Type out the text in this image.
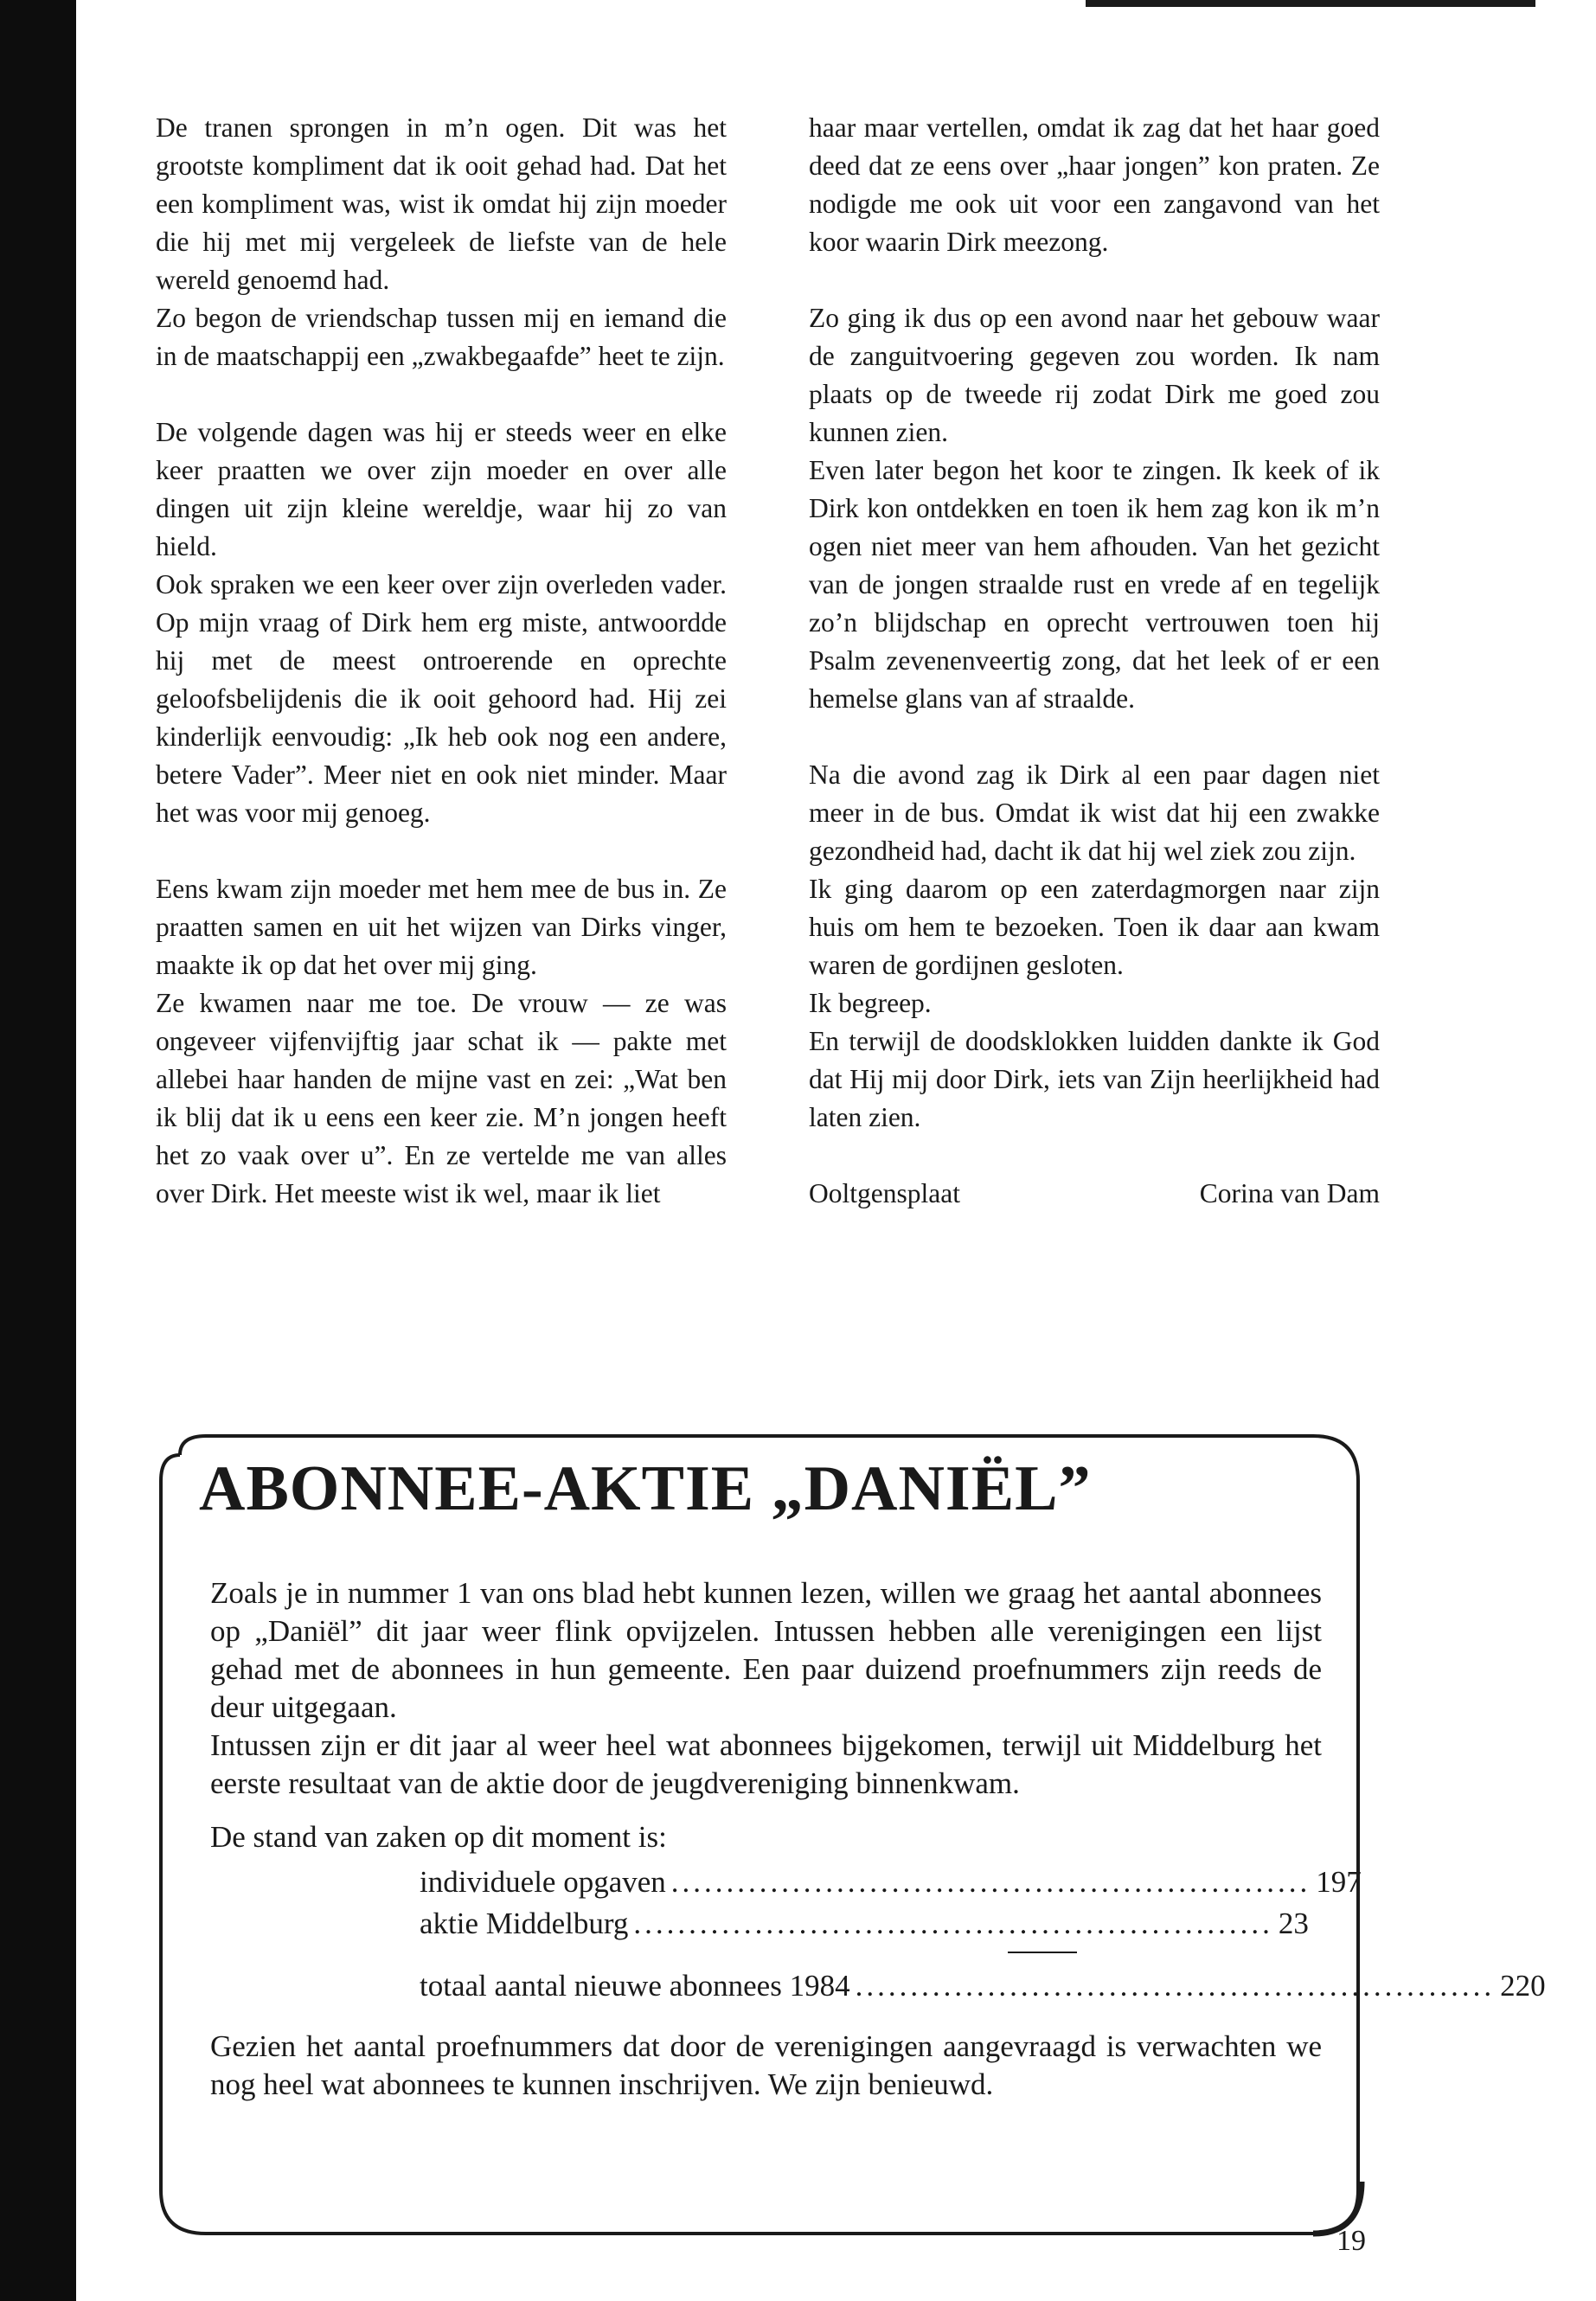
De tranen sprongen in m’n ogen. Dit was het grootste kompliment dat ik ooit gehad had. Dat het een kompliment was, wist ik omdat hij zijn moeder die hij met mij vergeleek de liefste van de hele wereld genoemd had.

Zo begon de vriendschap tussen mij en iemand die in de maatschappij een „zwakbegaafde” heet te zijn.

De volgende dagen was hij er steeds weer en elke keer praatten we over zijn moeder en over alle dingen uit zijn kleine wereldje, waar hij zo van hield.

Ook spraken we een keer over zijn overleden vader. Op mijn vraag of Dirk hem erg miste, antwoordde hij met de meest ontroerende en oprechte geloofsbelijdenis die ik ooit gehoord had. Hij zei kinderlijk eenvoudig: „Ik heb ook nog een andere, betere Vader”. Meer niet en ook niet minder. Maar het was voor mij genoeg.

Eens kwam zijn moeder met hem mee de bus in. Ze praatten samen en uit het wijzen van Dirks vinger, maakte ik op dat het over mij ging.

Ze kwamen naar me toe. De vrouw — ze was ongeveer vijfenvijftig jaar schat ik — pakte met allebei haar handen de mijne vast en zei: „Wat ben ik blij dat ik u eens een keer zie. M’n jongen heeft het zo vaak over u”. En ze vertelde me van alles over Dirk. Het meeste wist ik wel, maar ik liet

haar maar vertellen, omdat ik zag dat het haar goed deed dat ze eens over „haar jongen” kon praten. Ze nodigde me ook uit voor een zangavond van het koor waarin Dirk meezong.

Zo ging ik dus op een avond naar het gebouw waar de zanguitvoering gegeven zou worden. Ik nam plaats op de tweede rij zodat Dirk me goed zou kunnen zien.

Even later begon het koor te zingen. Ik keek of ik Dirk kon ontdekken en toen ik hem zag kon ik m’n ogen niet meer van hem afhouden. Van het gezicht van de jongen straalde rust en vrede af en tegelijk zo’n blijdschap en oprecht vertrouwen toen hij Psalm zevenenveertig zong, dat het leek of er een hemelse glans van af straalde.

Na die avond zag ik Dirk al een paar dagen niet meer in de bus. Omdat ik wist dat hij een zwakke gezondheid had, dacht ik dat hij wel ziek zou zijn.

Ik ging daarom op een zaterdagmorgen naar zijn huis om hem te bezoeken. Toen ik daar aan kwam waren de gordijnen gesloten.

Ik begreep.

En terwijl de doodsklokken luidden dankte ik God dat Hij mij door Dirk, iets van Zijn heerlijkheid had laten zien.

Ooltgensplaat	Corina van Dam
ABONNEE-AKTIE „DANIËL”

Zoals je in nummer 1 van ons blad hebt kunnen lezen, willen we graag het aantal abonnees op „Daniël” dit jaar weer flink opvijzelen. Intussen hebben alle verenigingen een lijst gehad met de abonnees in hun gemeente. Een paar duizend proefnummers zijn reeds de deur uitgegaan.

Intussen zijn er dit jaar al weer heel wat abonnees bijgekomen, terwijl uit Middelburg het eerste resultaat van de aktie door de jeugdvereniging binnenkwam.

De stand van zaken op dit moment is:

individuele opgaven .......................................................... 197
aktie Middelburg .......................................................... 23
totaal aantal nieuwe abonnees 1984 .......................................................... 220

Gezien het aantal proefnummers dat door de verenigingen aangevraagd is verwachten we nog heel wat abonnees te kunnen inschrijven. We zijn benieuwd.

19
